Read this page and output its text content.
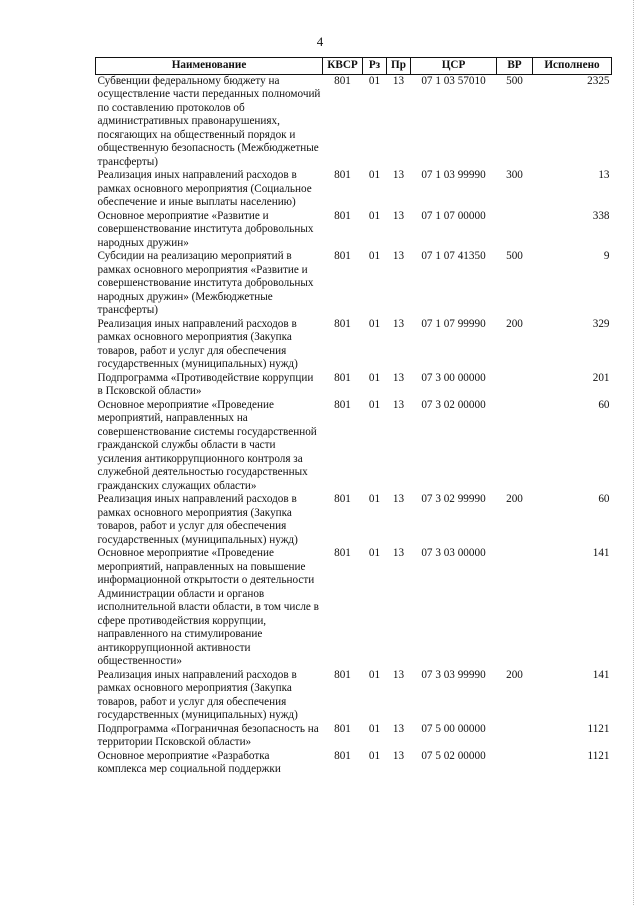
4
Наименование	КВСР	Рз	Пр	ЦСР	ВР	Исполнено
Субвенции федеральному бюджету на осуществление части переданных полномочий по составлению протоколов об административных правонарушениях, посягающих на общественный порядок и общественную безопасность (Межбюджетные трансферты)	801	01	13	07 1 03 57010	500	2325
Реализация иных направлений расходов в рамках основного мероприятия (Социальное обеспечение и иные выплаты населению)	801	01	13	07 1 03 99990	300	13
Основное мероприятие «Развитие и совершенствование института добровольных народных дружин»	801	01	13	07 1 07 00000		338
Субсидии на реализацию мероприятий в рамках основного мероприятия «Развитие и совершенствование института добровольных народных дружин» (Межбюджетные трансферты)	801	01	13	07 1 07 41350	500	9
Реализация иных направлений расходов в рамках основного мероприятия (Закупка товаров, работ и услуг для обеспечения государственных (муниципальных) нужд)	801	01	13	07 1 07 99990	200	329
Подпрограмма «Противодействие коррупции в Псковской области»	801	01	13	07 3 00 00000		201
Основное мероприятие «Проведение мероприятий, направленных на совершенствование системы государственной гражданской службы области в части усиления антикоррупционного контроля за служебной деятельностью государственных гражданских служащих области»	801	01	13	07 3 02 00000		60
Реализация иных направлений расходов в рамках основного мероприятия (Закупка товаров, работ и услуг для обеспечения государственных (муниципальных) нужд)	801	01	13	07 3 02 99990	200	60
Основное мероприятие «Проведение мероприятий, направленных на повышение информационной открытости о деятельности Администрации области и органов исполнительной власти области, в том числе в сфере противодействия коррупции, направленного на стимулирование антикоррупционной активности общественности»	801	01	13	07 3 03 00000		141
Реализация иных направлений расходов в рамках основного мероприятия (Закупка товаров, работ и услуг для обеспечения государственных (муниципальных) нужд)	801	01	13	07 3 03 99990	200	141
Подпрограмма «Пограничная безопасность на территории Псковской области»	801	01	13	07 5 00 00000		1121
Основное мероприятие «Разработка комплекса мер социальной поддержки	801	01	13	07 5 02 00000		1121
